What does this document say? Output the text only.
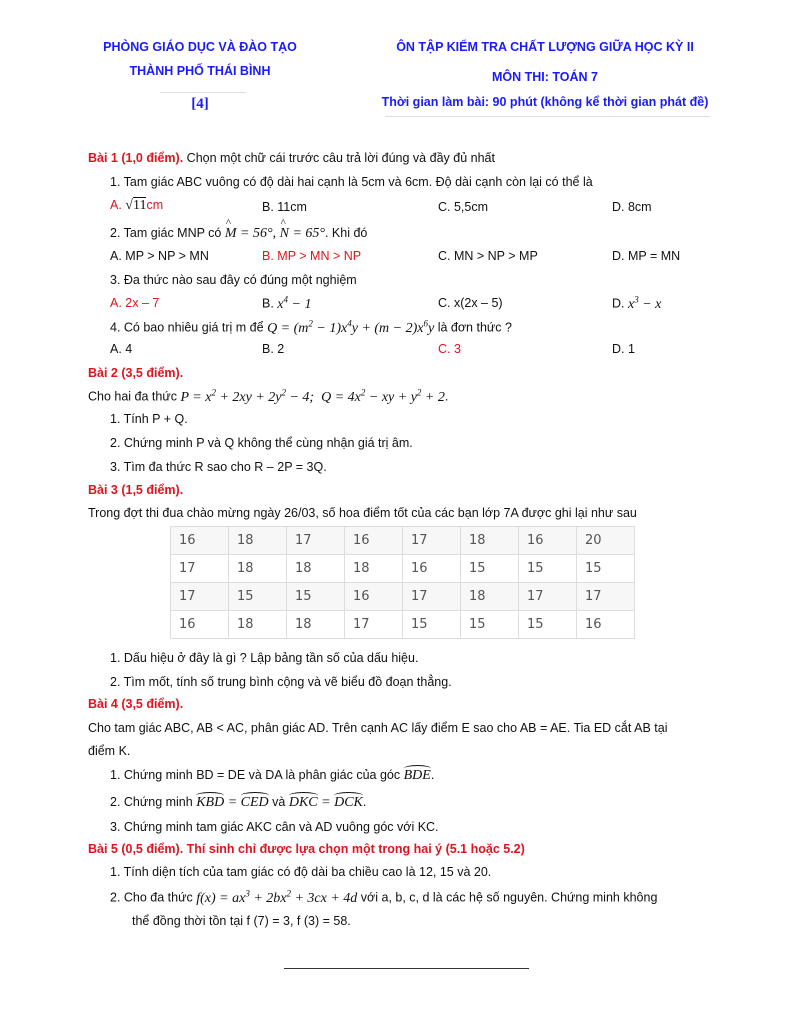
PHÒNG GIÁO DỤC VÀ ĐÀO TẠO
THÀNH PHỐ THÁI BÌNH
[4]
ÔN TẬP KIỂM TRA CHẤT LƯỢNG GIỮA HỌC KỲ II
MÔN THI: TOÁN 7
Thời gian làm bài: 90 phút (không kể thời gian phát đề)
Bài 1 (1,0 điểm). Chọn một chữ cái trước câu trả lời đúng và đầy đủ nhất
1. Tam giác ABC vuông có độ dài hai cạnh là 5cm và 6cm. Độ dài cạnh còn lại có thể là
A. √11cm	B. 11cm	C. 5,5cm	D. 8cm
2. Tam giác MNP có ^ M = 56°, ^ N = 65°. Khi đó
A. MP > NP > MN	B. MP > MN > NP	C. MN > NP > MP	D. MP = MN
3. Đa thức nào sau đây có đúng một nghiệm
A. 2x – 7	B. $x^4 - 1$	C. x(2x – 5)	D. $x^3 - x$
4. Có bao nhiêu giá trị m để $Q = (m^2 - 1)x^4y + (m - 2)x^6y$ là đơn thức ?
A. 4	B. 2	C. 3	D. 1
Bài 2 (3,5 điểm).
Cho hai đa thức $P = x^2 + 2xy + 2y^2 - 4$;  $Q = 4x^2$ − xy + $y^2 + 2$.
1. Tính P + Q.
2. Chứng minh P và Q không thể cùng nhận giá trị âm.
3. Tìm đa thức R sao cho R – 2P = 3Q.
Bài 3 (1,5 điểm).
Trong đợt thi đua chào mừng ngày 26/03, số hoa điểm tốt của các bạn lớp 7A được ghi lại như sau
16	18	17	16	17	18	16	20
17	18	18	18	16	15	15	15
17	15	15	16	17	18	17	17
16	18	18	17	15	15	15	16
1. Dấu hiệu ở đây là gì ? Lập bảng tần số của dấu hiệu.
2. Tìm mốt, tính số trung bình cộng và vẽ biểu đồ đoạn thẳng.
Bài 4 (3,5 điểm).
Cho tam giác ABC, AB < AC, phân giác AD. Trên cạnh AC lấy điểm E sao cho AB = AE. Tia ED cắt AB tại
điểm K.
1. Chứng minh BD = DE và DA là phân giác của góc BDE.
2. Chứng minh KBD = CED và DKC = DCK.
3. Chứng minh tam giác AKC cân và AD vuông góc với KC.
Bài 5 (0,5 điểm). Thí sinh chỉ được lựa chọn một trong hai ý (5.1 hoặc 5.2)
1. Tính diện tích của tam giác có độ dài ba chiều cao là 12, 15 và 20.
2. Cho đa thức $f(x) = ax^3 + 2bx^2 + 3cx + 4d$ với a, b, c, d là các hệ số nguyên. Chứng minh không
thể đồng thời tồn tại f (7) = 3, f (3) = 58.
